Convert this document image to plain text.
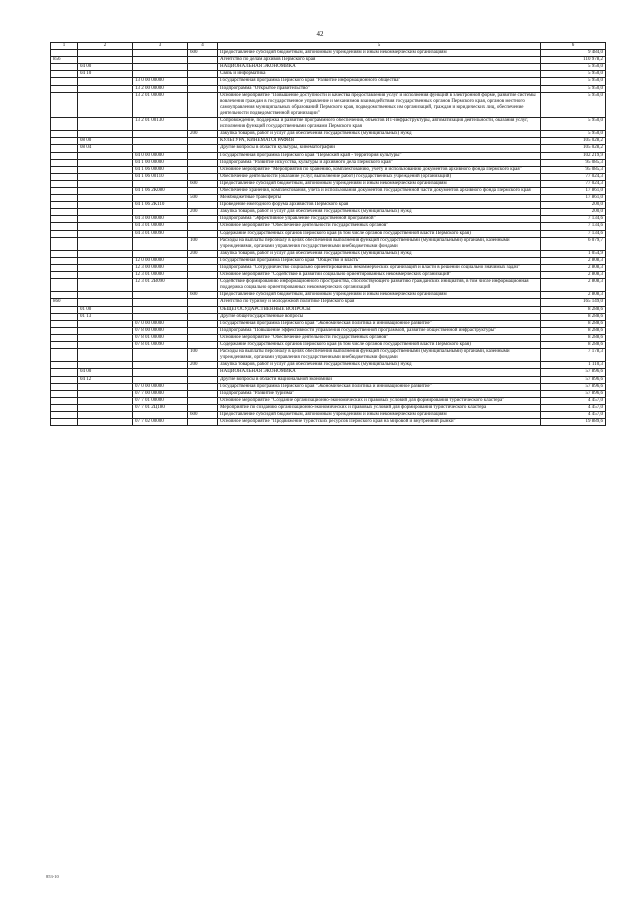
42
1	2	3	4	5	6
			600	Предоставление субсидий бюджетным, автономным учреждениям и иным некоммерческим организациям	9 484,0
856				Агентство по делам архивов Пермского края	110 978,2
	04 00			НАЦИОНАЛЬНАЯ ЭКОНОМИКА	5 950,0
	04 10			Связь и информатика	5 950,0
		13 0 00 00000		Государственная программа Пермского края "Развитие информационного общества"	5 950,0
		13 2 00 00000		Подпрограмма "Открытое правительство"	5 950,0
		13 2 01 00000		Основное мероприятие "Повышение доступности и качества предоставления услуг и исполнения функций в электронной форме, развитие системы вовлечения граждан в государственное управление и механизмов взаимодействия государственных органов Пермского края, органов местного самоуправления муниципальных образований Пермского края, подведомственных им организаций, граждан и юридических лиц, обеспечение деятельности подведомственной организации"	5 950,0
		13 2 01 00130		Сопровождение, поддержка и развитие программного обеспечения, объектов ИТ-инфраструктуры, автоматизация деятельности, оказания услуг, исполнения функций государственными органами Пермского края	5 950,0
			200	Закупка товаров, работ и услуг для обеспечения государственных (муниципальных) нужд	5 950,0
	08 00			КУЛЬТУРА, КИНЕМАТОГРАФИЯ	105 028,2
	08 04			Другие вопросы в области культуры, кинематографии	105 028,2
		04 0 00 00000		Государственная программа Пермского края "Пермский край - территория культуры"	102 219,9
		04 1 00 00000		Подпрограмма "Развитие искусства, культуры и архивного дела Пермского края"	95 085,3
		04 1 06 00000		Основное мероприятие "Мероприятия по хранению, комплектованию, учету и использованию документов архивного фонда Пермского края"	95 085,3
		04 1 06 00110		Обеспечение деятельности (оказание услуг, выполнение работ) государственных учреждений (организаций)	77 024,3
			600	Предоставление субсидий бюджетным, автономным учреждениям и иным некоммерческим организациям	77 024,3
		04 1 06 2К080		Обеспечение хранения, комплектования, учета и использования документов государственной части документов архивного фонда Пермского края	17 861,0
			500	Межбюджетные трансферты	17 861,0
		04 1 06 2К110		Проведение ежегодного форума архивистов Пермского края	200,0
			200	Закупка товаров, работ и услуг для обеспечения государственных (муниципальных) нужд	200,0
		04 3 00 00000		Подпрограмма "Эффективное управление государственной программой"	7 134,6
		04 3 01 00000		Основное мероприятие "Обеспечение деятельности государственных органов"	7 134,6
		04 3 01 00090		Содержание государственных органов Пермского края (в том числе органов государственной власти Пермского края)	7 134,6
			100	Расходы на выплаты персоналу в целях обеспечения выполнения функций государственными (муниципальными) органами, казенными учреждениями, органами управления государственными внебюджетными фондами	6 079,7
			200	Закупка товаров, работ и услуг для обеспечения государственных (муниципальных) нужд	1 054,9
		12 0 00 00000		Государственная программа Пермского края "Общество и власть"	2 808,3
		12 3 00 00000		Подпрограмма "Сотрудничество социально ориентированных некоммерческих организаций и власти в решении социально значимых задач"	2 808,3
		12 3 01 00000		Основное мероприятие "Содействие в развитии социально ориентированных некоммерческих организаций"	2 808,3
		12 3 01 2В090		Содействие формированию информационного пространства, способствующего развитию гражданских инициатив, в том числе информационная поддержка социально ориентированных некоммерческих организаций	2 808,3
			600	Предоставление субсидий бюджетным, автономным учреждениям и иным некоммерческим организациям	2 808,3
860				Агентство по туризму и молодежной политике Пермского края	165 149,0
	01 00			ОБЩЕГОСУДАРСТВЕННЫЕ ВОПРОСЫ	8 288,6
	01 13			Другие общегосударственные вопросы	8 288,6
		07 0 00 00000		Государственная программа Пермского края "Экономическая политика и инновационное развитие"	8 288,6
		07 8 00 00000		Подпрограмма "Повышение эффективности управления государственной программой, развитие общественной инфраструктуры"	8 288,6
		07 8 01 00000		Основное мероприятие "Обеспечение деятельности государственных органов"	8 288,6
		07 8 01 00090		Содержание государственных органов Пермского края (в том числе органов государственной власти Пермского края)	8 288,6
			100	Расходы на выплаты персоналу в целях обеспечения выполнения функций государственными (муниципальными) органами, казенными учреждениями, органами управления государственными внебюджетными фондами	7 178,3
			200	Закупка товаров, работ и услуг для обеспечения государственных (муниципальных) нужд	1 110,3
	04 00			НАЦИОНАЛЬНАЯ ЭКОНОМИКА	57 896,6
	04 12			Другие вопросы в области национальной экономики	57 896,6
		07 0 00 00000		Государственная программа Пермского края "Экономическая политика и инновационное развитие"	57 896,6
		07 7 00 00000		Подпрограмма "Развитие туризма"	57 896,6
		07 7 01 00000		Основное мероприятие "Создание организационно-экономических и правовых условий для формирования туристического кластера"	4 457,0
		07 7 01 2Ц180		Мероприятие по созданию организационно-экономических и правовых условий для формирования туристического кластера	4 457,0
			600	Предоставление субсидий бюджетным, автономным учреждениям и иным некоммерческим организациям	4 457,0
		07 7 02 00000		Основное мероприятие "Продвижение туристских ресурсов Пермского края на мировой и внутренний рынки"	19 889,6
853-10
